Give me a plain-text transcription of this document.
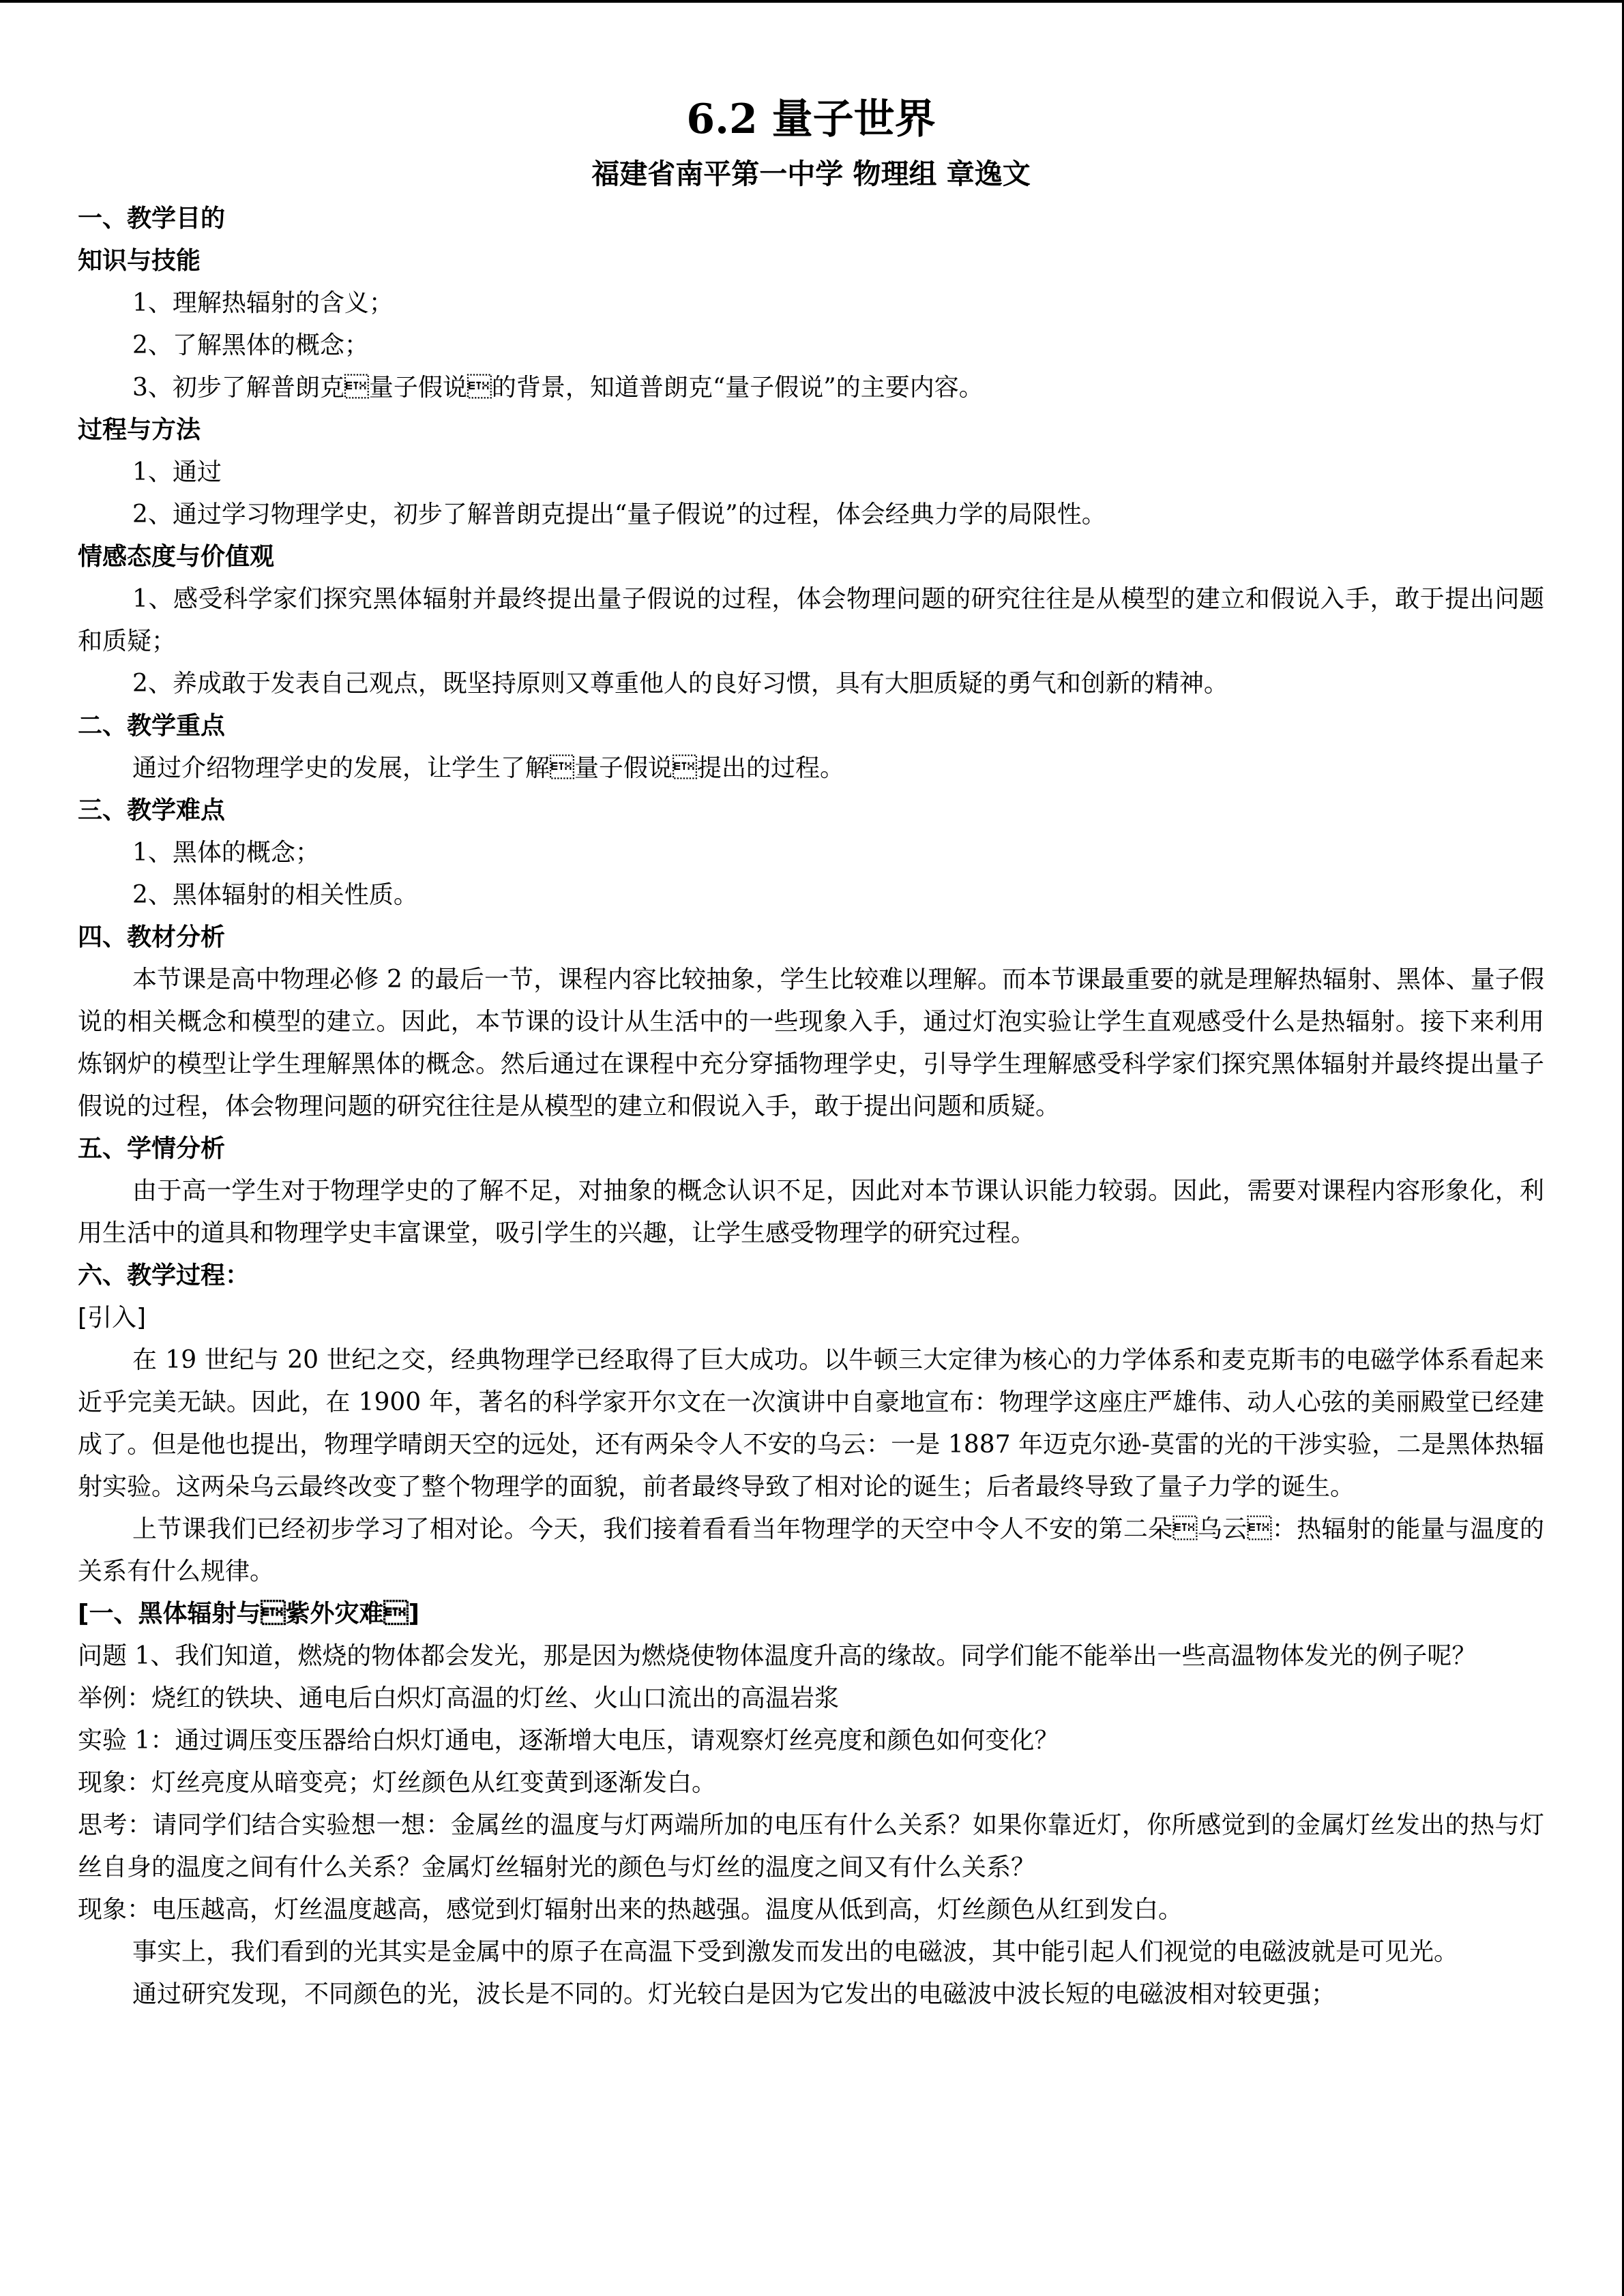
6.2 量子世界
福建省南平第一中学 物理组 章逸文
一、教学目的
知识与技能
1、理解热辐射的含义；
2、了解黑体的概念；
3、初步了解普朗克量子假说的背景，知道普朗克“量子假说”的主要内容。
过程与方法
1、通过
2、通过学习物理学史，初步了解普朗克提出“量子假说”的过程，体会经典力学的局限性。
情感态度与价值观
1、感受科学家们探究黑体辐射并最终提出量子假说的过程，体会物理问题的研究往往是从模型的建立和假说入手，敢于提出问题和质疑；
2、养成敢于发表自己观点，既坚持原则又尊重他人的良好习惯，具有大胆质疑的勇气和创新的精神。
二、教学重点
通过介绍物理学史的发展，让学生了解量子假说提出的过程。
三、教学难点
1、黑体的概念；
2、黑体辐射的相关性质。
四、教材分析
本节课是高中物理必修 2 的最后一节，课程内容比较抽象，学生比较难以理解。而本节课最重要的就是理解热辐射、黑体、量子假说的相关概念和模型的建立。因此，本节课的设计从生活中的一些现象入手，通过灯泡实验让学生直观感受什么是热辐射。接下来利用炼钢炉的模型让学生理解黑体的概念。然后通过在课程中充分穿插物理学史，引导学生理解感受科学家们探究黑体辐射并最终提出量子假说的过程，体会物理问题的研究往往是从模型的建立和假说入手，敢于提出问题和质疑。
五、学情分析
由于高一学生对于物理学史的了解不足，对抽象的概念认识不足，因此对本节课认识能力较弱。因此，需要对课程内容形象化，利用生活中的道具和物理学史丰富课堂，吸引学生的兴趣，让学生感受物理学的研究过程。
六、教学过程：
[引入]
在 19 世纪与 20 世纪之交，经典物理学已经取得了巨大成功。以牛顿三大定律为核心的力学体系和麦克斯韦的电磁学体系看起来近乎完美无缺。因此，在 1900 年，著名的科学家开尔文在一次演讲中自豪地宣布：物理学这座庄严雄伟、动人心弦的美丽殿堂已经建成了。但是他也提出，物理学晴朗天空的远处，还有两朵令人不安的乌云：一是 1887 年迈克尔逊-莫雷的光的干涉实验，二是黑体热辐射实验。这两朵乌云最终改变了整个物理学的面貌，前者最终导致了相对论的诞生；后者最终导致了量子力学的诞生。
上节课我们已经初步学习了相对论。今天，我们接着看看当年物理学的天空中令人不安的第二朵乌云：热辐射的能量与温度的关系有什么规律。
[一、黑体辐射与紫外灾难]
问题 1、我们知道，燃烧的物体都会发光，那是因为燃烧使物体温度升高的缘故。同学们能不能举出一些高温物体发光的例子呢？
举例：烧红的铁块、通电后白炽灯高温的灯丝、火山口流出的高温岩浆
实验 1：通过调压变压器给白炽灯通电，逐渐增大电压，请观察灯丝亮度和颜色如何变化？
现象：灯丝亮度从暗变亮；灯丝颜色从红变黄到逐渐发白。
思考：请同学们结合实验想一想：金属丝的温度与灯两端所加的电压有什么关系？如果你靠近灯，你所感觉到的金属灯丝发出的热与灯丝自身的温度之间有什么关系？金属灯丝辐射光的颜色与灯丝的温度之间又有什么关系？
现象：电压越高，灯丝温度越高，感觉到灯辐射出来的热越强。温度从低到高，灯丝颜色从红到发白。
事实上，我们看到的光其实是金属中的原子在高温下受到激发而发出的电磁波，其中能引起人们视觉的电磁波就是可见光。
通过研究发现，不同颜色的光，波长是不同的。灯光较白是因为它发出的电磁波中波长短的电磁波相对较更强；
